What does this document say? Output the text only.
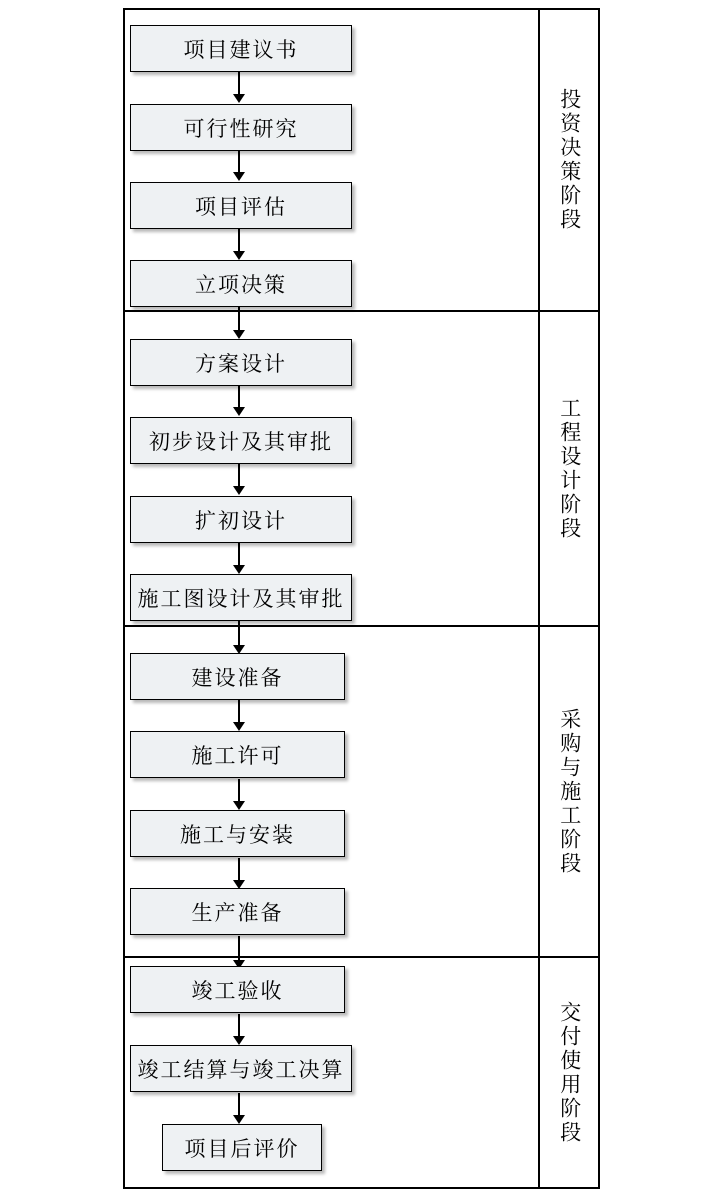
项目建议书
可行性研究
项目评估
立项决策
方案设计
初步设计及其审批
扩初设计
施工图设计及其审批
建设准备
施工许可
施工与安装
生产准备
竣工验收
竣工结算与竣工决算
项目后评价
投资决策阶段
工程设计阶段
采购与施工阶段
交付使用阶段
